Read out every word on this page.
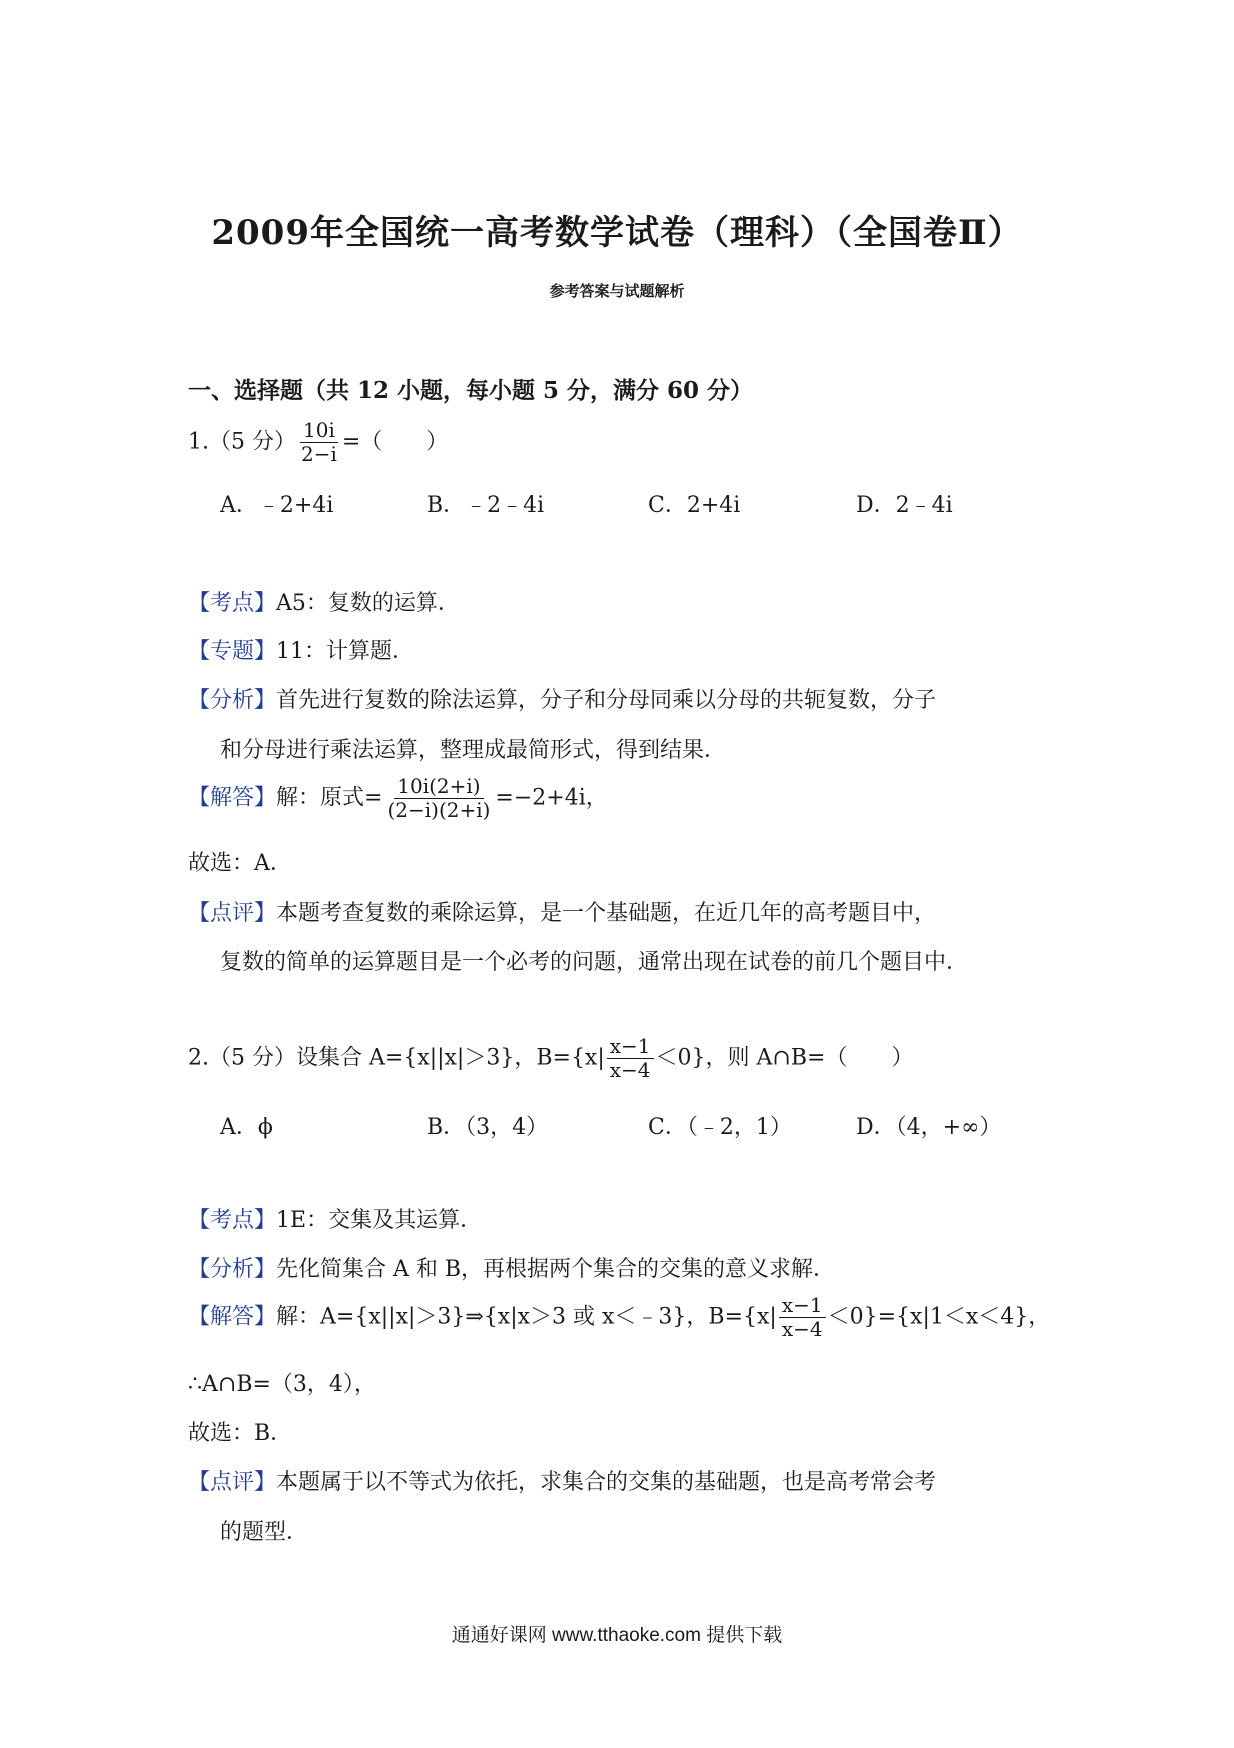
2009年全国统一高考数学试卷（理科）（全国卷Ⅱ）
参考答案与试题解析
一、选择题（共 12 小题，每小题 5 分，满分 60 分）
1.（5 分） $\frac{10i}{2-i}$ =（　　）
A．﹣2+4i	B．﹣2﹣4i	C．2+4i	D．2﹣4i
【考点】A5：复数的运算．
【专题】11：计算题．
【分析】首先进行复数的除法运算，分子和分母同乘以分母的共轭复数，分子
和分母进行乘法运算，整理成最简形式，得到结果．
【解答】解：原式= $\frac{10i(2+i)}{(2-i)(2+i)} =-2+4i$，
故选：A．
【点评】本题考查复数的乘除运算，是一个基础题，在近几年的高考题目中，
复数的简单的运算题目是一个必考的问题，通常出现在试卷的前几个题目中．
2.（5 分）设集合 A={x||x|＞3}，$B=\{x| \frac{x-1}{x-4} <0\}$，则 A∩B=（　　）
A．ϕ	B．（3，4）	C．（﹣2，1）	D．（4，+∞）
【考点】1E：交集及其运算．
【分析】先化简集合 A 和 B，再根据两个集合的交集的意义求解．
【解答】解：A={x||x|＞3}⇒{x|x＞3 或 x＜﹣3}，$B=\{x| \frac{x-1}{x-4} <0\}=\{x|1<x<4\}$，
∴A∩B=（3，4），
故选：B．
【点评】本题属于以不等式为依托，求集合的交集的基础题，也是高考常会考
的题型．
通通好课网 www.tthaoke.com 提供下载
